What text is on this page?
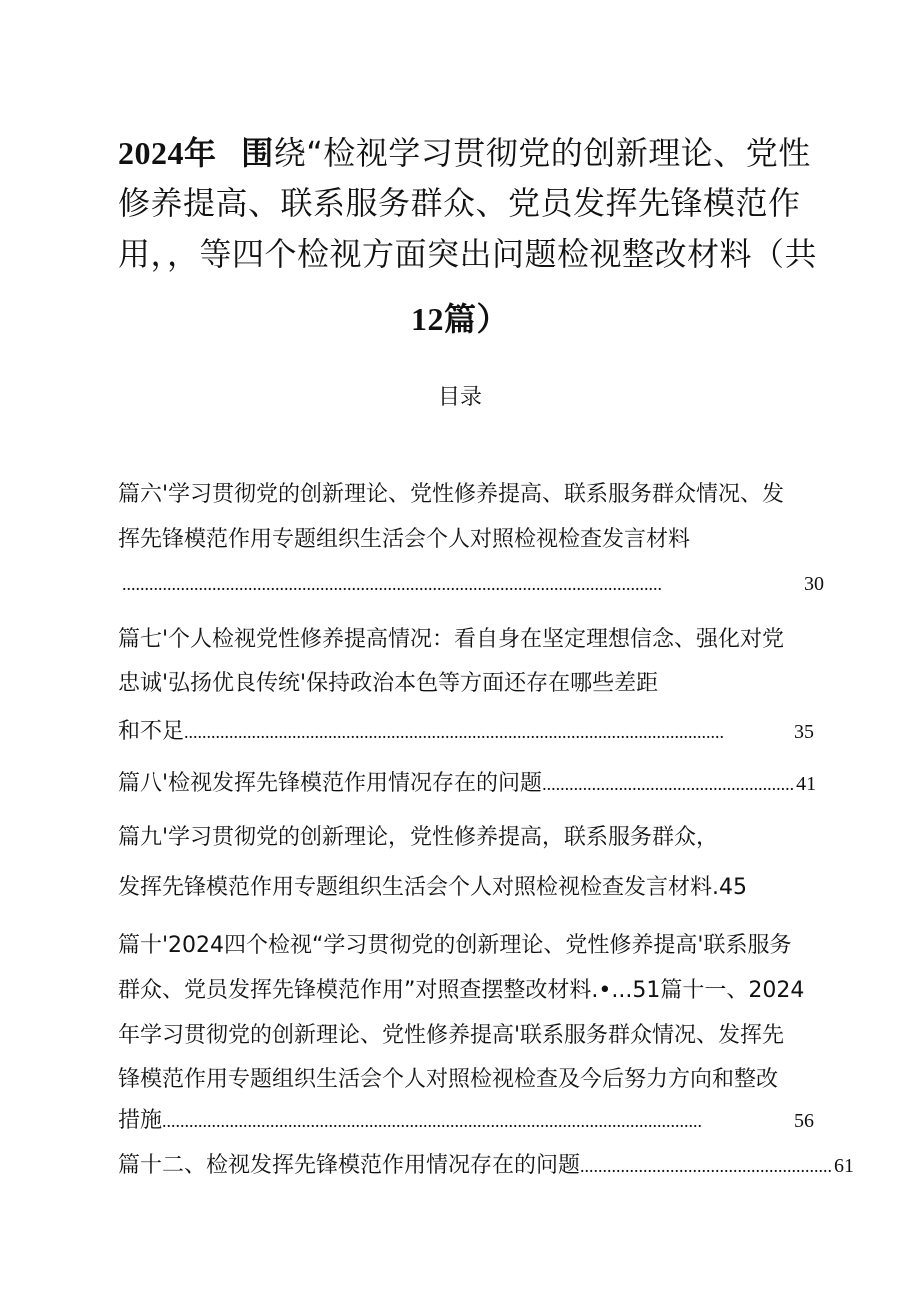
2024年 围绕“检视学习贯彻党的创新理论、党性
修养提高、联系服务群众、党员发挥先锋模范作
用，，等四个检视方面突出问题检视整改材料（共
12篇）
目录
篇六'学习贯彻党的创新理论、党性修养提高、联系服务群众情况、发
挥先锋模范作用专题组织生活会个人对照检视检查发言材料
........................................................................................................................	30
篇七'个人检视党性修养提高情况：看自身在坚定理想信念、强化对党
忠诚'弘扬优良传统'保持政治本色等方面还存在哪些差距
和不足 ........................................................................................................................	35
篇八'检视发挥先锋模范作用情况存在的问题 ........................................................ 41
篇九'学习贯彻党的创新理论，党性修养提高，联系服务群众，
发挥先锋模范作用专题组织生活会个人对照检视检查发言材料.45
篇十'2024四个检视“学习贯彻党的创新理论、党性修养提高'联系服务
群众、党员发挥先锋模范作用”对照查摆整改材料.•...51篇十一、2024
年学习贯彻党的创新理论、党性修养提高'联系服务群众情况、发挥先
锋模范作用专题组织生活会个人对照检视检查及今后努力方向和整改
措施 ........................................................................................................................	56
篇十二、检视发挥先锋模范作用情况存在的问题 ........................................................ 61
